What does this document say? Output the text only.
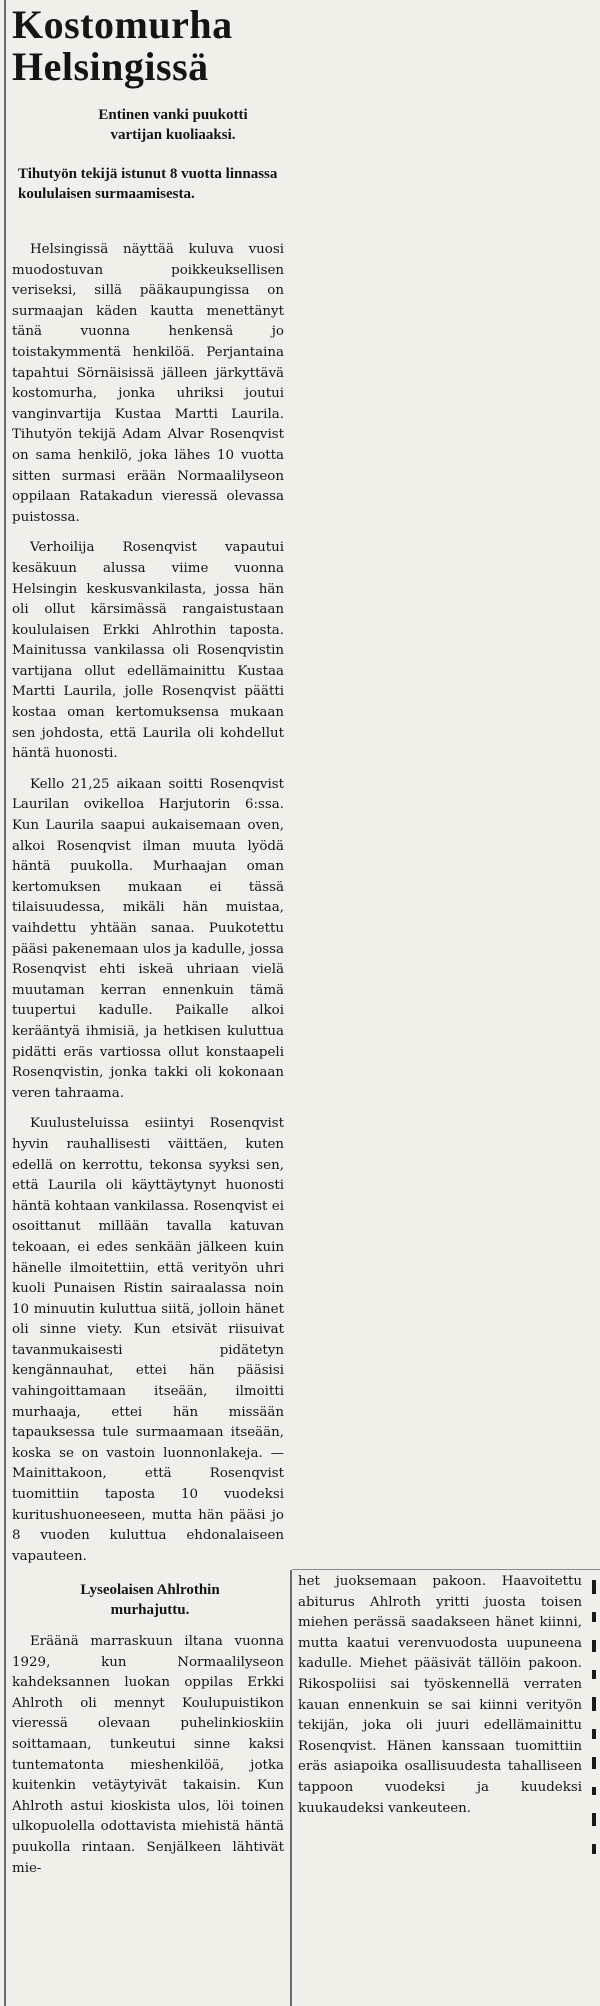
Kostomurha
Helsingissä
Entinen vanki puukotti
vartijan kuoliaaksi.
Tihutyön tekijä istunut 8 vuotta linnassa koululaisen surmaamisesta.

Helsingissä näyttää kuluva vuosi muodostuvan poikkeuksellisen veriseksi, sillä pääkaupungissa on surmaajan käden kautta menettänyt tänä vuonna henkensä jo toistakymmentä henkilöä. Perjantaina tapahtui Sörnäisissä jälleen järkyttävä kostomurha, jonka uhriksi joutui vanginvartija Kustaa Martti Laurila. Tihutyön tekijä Adam Alvar Rosenqvist on sama henkilö, joka lähes 10 vuotta sitten surmasi erään Normaalilyseon oppilaan Ratakadun vieressä olevassa puistossa.

Verhoilija Rosenqvist vapautui kesäkuun alussa viime vuonna Helsingin keskusvankilasta, jossa hän oli ollut kärsimässä rangaistustaan koululaisen Erkki Ahlrothin taposta. Mainitussa vankilassa oli Rosenqvistin vartijana ollut edellämainittu Kustaa Martti Laurila, jolle Rosenqvist päätti kostaa oman kertomuksensa mukaan sen johdosta, että Laurila oli kohdellut häntä huonosti.

Kello 21,25 aikaan soitti Rosenqvist Laurilan ovikelloa Harjutorin 6:ssa. Kun Laurila saapui aukaisemaan oven, alkoi Rosenqvist ilman muuta lyödä häntä puukolla. Murhaajan oman kertomuksen mukaan ei tässä tilaisuudessa, mikäli hän muistaa, vaihdettu yhtään sanaa. Puukotettu pääsi pakenemaan ulos ja kadulle, jossa Rosenqvist ehti iskeä uhriaan vielä muutaman kerran ennenkuin tämä tuupertui kadulle. Paikalle alkoi kerääntyä ihmisiä, ja hetkisen kuluttua pidätti eräs vartiossa ollut konstaapeli Rosenqvistin, jonka takki oli kokonaan veren tahraama.

Kuulusteluissa esiintyi Rosenqvist hyvin rauhallisesti väittäen, kuten edellä on kerrottu, tekonsa syyksi sen, että Laurila oli käyttäytynyt huonosti häntä kohtaan vankilassa. Rosenqvist ei osoittanut millään tavalla katuvan tekoaan, ei edes senkään jälkeen kuin hänelle ilmoitettiin, että verityön uhri kuoli Punaisen Ristin sairaalassa noin 10 minuutin kuluttua siitä, jolloin hänet oli sinne viety. Kun etsivät riisuivat tavanmukaisesti pidätetyn kengännauhat, ettei hän pääsisi vahingoittamaan itseään, ilmoitti murhaaja, ettei hän missään tapauksessa tule surmaamaan itseään, koska se on vastoin luonnonlakeja. — Mainittakoon, että Rosenqvist tuomittiin taposta 10 vuodeksi kuritushuoneeseen, mutta hän pääsi jo 8 vuoden kuluttua ehdonalaiseen vapauteen.

Lyseolaisen Ahlrothin
murhajuttu.

Eräänä marraskuun iltana vuonna 1929, kun Normaalilyseon kahdeksannen luokan oppilas Erkki Ahlroth oli mennyt Koulupuistikon vieressä olevaan puhelinkioskiin soittamaan, tunkeutui sinne kaksi tuntematonta mieshenkilöä, jotka kuitenkin vetäytyivät takaisin. Kun Ahlroth astui kioskista ulos, löi toinen ulkopuolella odottavista miehistä häntä puukolla rintaan. Senjälkeen lähtivät mie-

het juoksemaan pakoon. Haavoitettu abiturus Ahlroth yritti juosta toisen miehen perässä saadakseen hänet kiinni, mutta kaatui verenvuodosta uupuneena kadulle. Miehet pääsivät tällöin pakoon. Rikospoliisi sai työskennellä verraten kauan ennenkuin se sai kiinni verityön tekijän, joka oli juuri edellämainittu Rosenqvist. Hänen kanssaan tuomittiin eräs asiapoika osallisuudesta tahalliseen tappoon vuodeksi ja kuudeksi kuukaudeksi vankeuteen.
